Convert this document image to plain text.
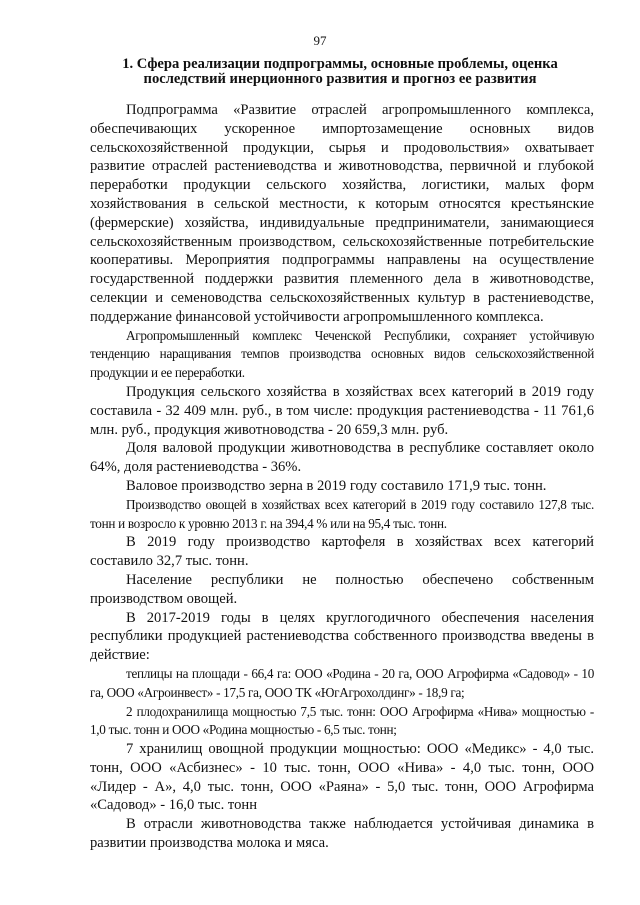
97
1. Сфера реализации подпрограммы, основные проблемы, оценка
последствий инерционного развития и прогноз ее развития

Подпрограмма «Развитие отраслей агропромышленного комплекса, обеспечивающих ускоренное импортозамещение основных видов сельскохозяйственной продукции, сырья и продовольствия» охватывает развитие отраслей растениеводства и животноводства, первичной и глубокой переработки продукции сельского хозяйства, логистики, малых форм хозяйствования в сельской местности, к которым относятся крестьянские (фермерские) хозяйства, индивидуальные предприниматели, занимающиеся сельскохозяйственным производством, сельскохозяйственные потребительские кооперативы. Мероприятия подпрограммы направлены на осуществление государственной поддержки развития племенного дела в животноводстве, селекции и семеноводства сельскохозяйственных культур в растениеводстве, поддержание финансовой устойчивости агропромышленного комплекса.

Агропромышленный комплекс Чеченской Республики, сохраняет устойчивую тенденцию наращивания темпов производства основных видов сельскохозяйственной продукции и ее переработки.

Продукция сельского хозяйства в хозяйствах всех категорий в 2019 году составила - 32 409 млн. руб., в том числе: продукция растениеводства - 11 761,6 млн. руб., продукция животноводства - 20 659,3 млн. руб.

Доля валовой продукции животноводства в республике составляет около 64%, доля растениеводства - 36%.

Валовое производство зерна в 2019 году составило 171,9 тыс. тонн.

Производство овощей в хозяйствах всех категорий в 2019 году составило 127,8 тыс. тонн и возросло к уровню 2013 г. на 394,4 % или на 95,4 тыс. тонн.

В 2019 году производство картофеля в хозяйствах всех категорий составило 32,7 тыс. тонн.

Население республики не полностью обеспечено собственным производством овощей.

В 2017-2019 годы в целях круглогодичного обеспечения населения республики продукцией растениеводства собственного производства введены в действие:

теплицы на площади - 66,4 га: ООО «Родина - 20 га, ООО Агрофирма «Садовод» - 10 га, ООО «Агроинвест» - 17,5 га, ООО ТК «ЮгАгрохолдинг» - 18,9 га;

2 плодохранилища мощностью 7,5 тыс. тонн: ООО Агрофирма «Нива» мощностью - 1,0 тыс. тонн и ООО «Родина мощностью - 6,5 тыс. тонн;

7 хранилищ овощной продукции мощностью: ООО «Медикс» - 4,0 тыс. тонн, ООО «Асбизнес» - 10 тыс. тонн, ООО «Нива» - 4,0 тыс. тонн, ООО «Лидер - А», 4,0 тыс. тонн, ООО «Раяна» - 5,0 тыс. тонн, ООО Агрофирма «Садовод» - 16,0 тыс. тонн

В отрасли животноводства также наблюдается устойчивая динамика в развитии производства молока и мяса.
